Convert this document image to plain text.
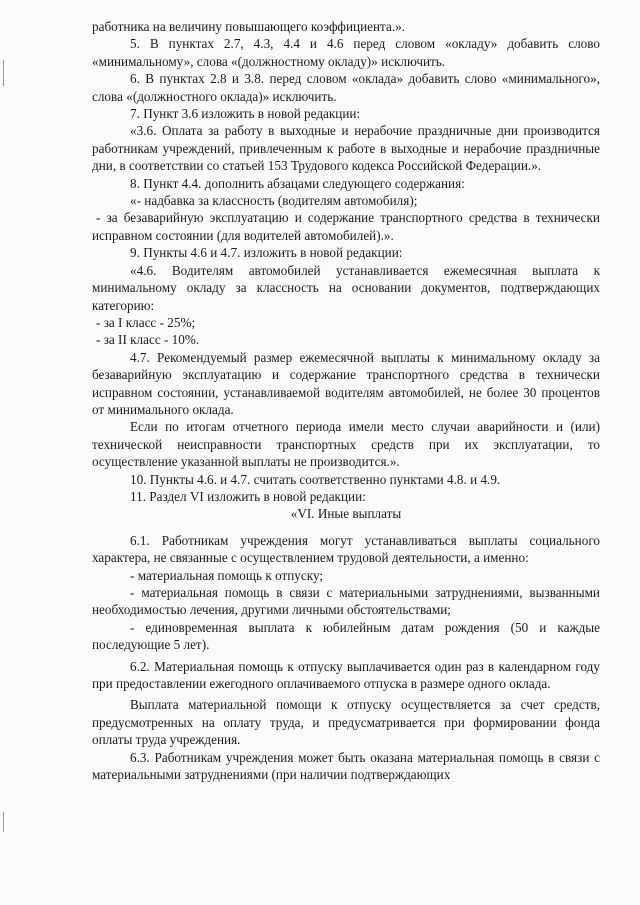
работника на величину повышающего коэффициента.».

5. В пунктах 2.7, 4.3, 4.4 и 4.6 перед словом «окладу» добавить слово «минимальному», слова «(должностному окладу)» исключить.

6. В пунктах 2.8 и 3.8. перед словом «оклада» добавить слово «минимального», слова «(должностного оклада)» исключить.

7. Пункт 3.6 изложить в новой редакции:

«3.6. Оплата за работу в выходные и нерабочие праздничные дни производится работникам учреждений, привлеченным к работе в выходные и нерабочие праздничные дни, в соответствии со статьей 153 Трудового кодекса Российской Федерации.».

8. Пункт 4.4. дополнить абзацами следующего содержания:

«- надбавка за классность (водителям автомобиля);

- за безаварийную эксплуатацию и содержание транспортного средства в технически исправном состоянии (для водителей автомобилей).».

9. Пункты 4.6 и 4.7. изложить в новой редакции:

«4.6. Водителям автомобилей устанавливается ежемесячная выплата к минимальному окладу за классность на основании документов, подтверждающих категорию:

- за I класс - 25%;

- за II класс - 10%.

4.7. Рекомендуемый размер ежемесячной выплаты к минимальному окладу за безаварийную эксплуатацию и содержание транспортного средства в технически исправном состоянии, устанавливаемой водителям автомобилей, не более 30 процентов от минимального оклада.

Если по итогам отчетного периода имели место случаи аварийности и (или) технической неисправности транспортных средств при их эксплуатации, то осуществление указанной выплаты не производится.».

10. Пункты 4.6. и 4.7. считать соответственно пунктами 4.8. и 4.9.

11. Раздел VI изложить в новой редакции:

«VI. Иные выплаты

6.1. Работникам учреждения могут устанавливаться выплаты социального характера, не связанные с осуществлением трудовой деятельности, а именно:

- материальная помощь к отпуску;

- материальная помощь в связи с материальными затруднениями, вызванными необходимостью лечения, другими личными обстоятельствами;

- единовременная выплата к юбилейным датам рождения (50 и каждые последующие 5 лет).

6.2. Материальная помощь к отпуску выплачивается один раз в календарном году при предоставлении ежегодного оплачиваемого отпуска в размере одного оклада.

Выплата материальной помощи к отпуску осуществляется за счет средств, предусмотренных на оплату труда, и предусматривается при формировании фонда оплаты труда учреждения.

6.3. Работникам учреждения может быть оказана материальная помощь в связи с материальными затруднениями (при наличии подтверждающих
